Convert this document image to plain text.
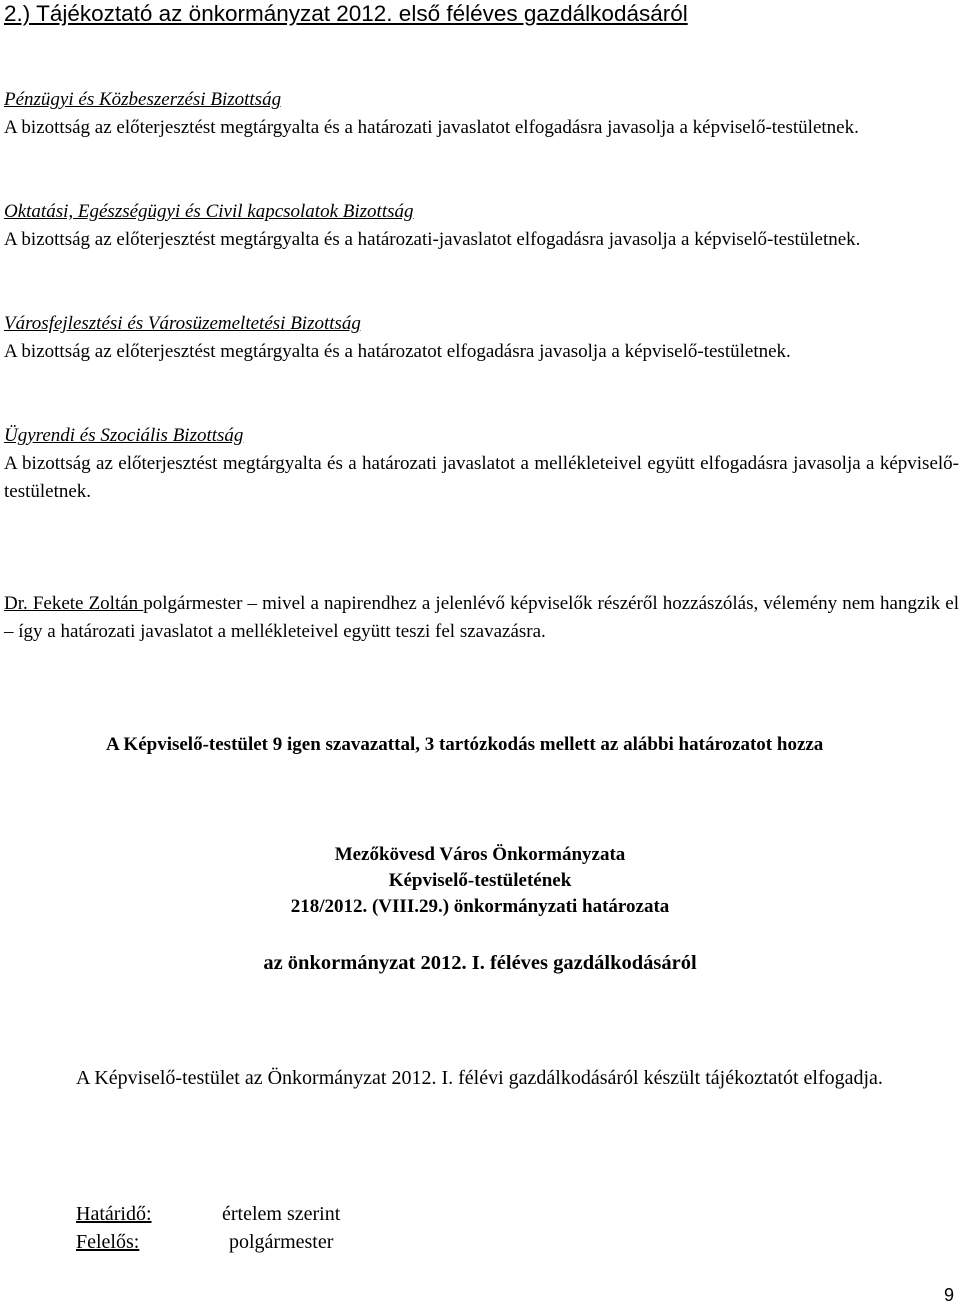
2.) Tájékoztató az önkormányzat 2012. első féléves gazdálkodásáról
Pénzügyi és Közbeszerzési Bizottság

A bizottság az előterjesztést megtárgyalta és a határozati javaslatot elfogadásra javasolja a képviselő-testületnek.

Oktatási, Egészségügyi és Civil kapcsolatok Bizottság

A bizottság az előterjesztést megtárgyalta és a határozati-javaslatot elfogadásra javasolja a képviselő-testületnek.

Városfejlesztési és Városüzemeltetési Bizottság

A bizottság az előterjesztést megtárgyalta és a határozatot elfogadásra javasolja a képviselő-testületnek.

Ügyrendi és Szociális Bizottság

A bizottság az előterjesztést megtárgyalta és a határozati javaslatot a mellékleteivel együtt elfogadásra javasolja a képviselő-testületnek.

Dr. Fekete Zoltán polgármester – mivel a napirendhez a jelenlévő képviselők részéről hozzászólás, vélemény nem hangzik el – így a határozati javaslatot a mellékleteivel együtt teszi fel szavazásra.

A Képviselő-testület 9 igen szavazattal, 3 tartózkodás mellett az alábbi határozatot hozza

Mezőkövesd Város Önkormányzata
Képviselő-testületének
218/2012. (VIII.29.) önkormányzati határozata
az önkormányzat 2012. I. féléves gazdálkodásáról

A Képviselő-testület az Önkormányzat 2012. I. félévi gazdálkodásáról készült tájékoztatót elfogadja.

Határidő:	értelem szerint
Felelős:	polgármester
9
